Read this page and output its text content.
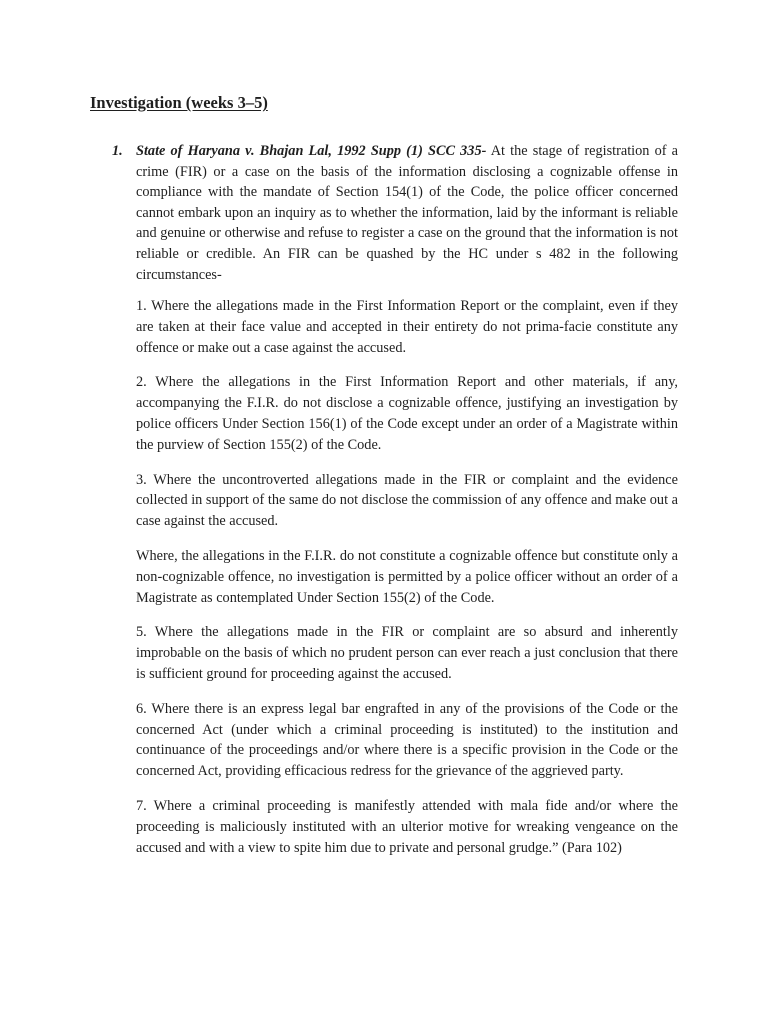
Investigation (weeks 3–5)
1. State of Haryana v. Bhajan Lal, 1992 Supp (1) SCC 335- At the stage of registration of a crime (FIR) or a case on the basis of the information disclosing a cognizable offense in compliance with the mandate of Section 154(1) of the Code, the police officer concerned cannot embark upon an inquiry as to whether the information, laid by the informant is reliable and genuine or otherwise and refuse to register a case on the ground that the information is not reliable or credible. An FIR can be quashed by the HC under s 482 in the following circumstances-

1. Where the allegations made in the First Information Report or the complaint, even if they are taken at their face value and accepted in their entirety do not prima-facie constitute any offence or make out a case against the accused.

2. Where the allegations in the First Information Report and other materials, if any, accompanying the F.I.R. do not disclose a cognizable offence, justifying an investigation by police officers Under Section 156(1) of the Code except under an order of a Magistrate within the purview of Section 155(2) of the Code.

3. Where the uncontroverted allegations made in the FIR or complaint and the evidence collected in support of the same do not disclose the commission of any offence and make out a case against the accused.

Where, the allegations in the F.I.R. do not constitute a cognizable offence but constitute only a non-cognizable offence, no investigation is permitted by a police officer without an order of a Magistrate as contemplated Under Section 155(2) of the Code.

5. Where the allegations made in the FIR or complaint are so absurd and inherently improbable on the basis of which no prudent person can ever reach a just conclusion that there is sufficient ground for proceeding against the accused.

6. Where there is an express legal bar engrafted in any of the provisions of the Code or the concerned Act (under which a criminal proceeding is instituted) to the institution and continuance of the proceedings and/or where there is a specific provision in the Code or the concerned Act, providing efficacious redress for the grievance of the aggrieved party.

7. Where a criminal proceeding is manifestly attended with mala fide and/or where the proceeding is maliciously instituted with an ulterior motive for wreaking vengeance on the accused and with a view to spite him due to private and personal grudge.” (Para 102)
